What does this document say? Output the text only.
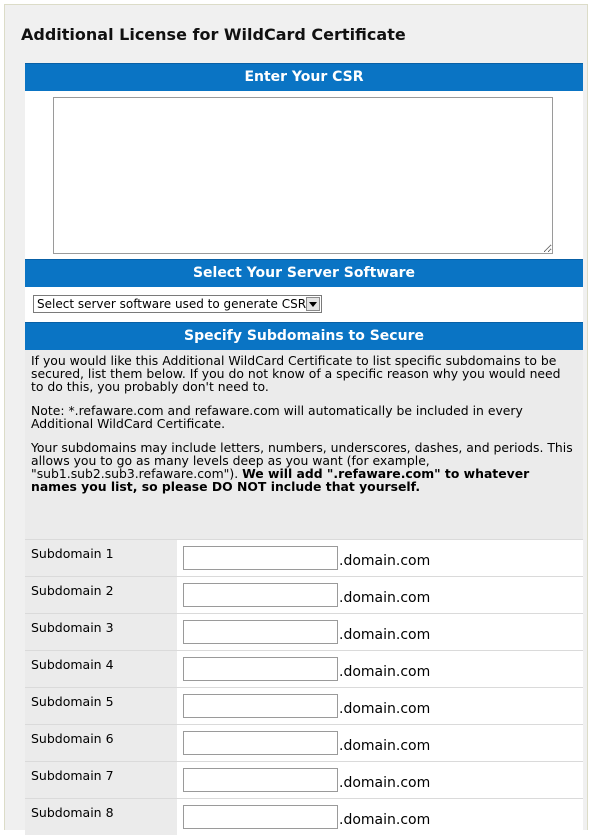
Additional License for WildCard Certificate
Enter Your CSR
Select Your Server Software
Select server software used to generate CSR
Specify Subdomains to Secure

If you would like this Additional WildCard Certificate to list specific subdomains to be secured, list them below. If you do not know of a specific reason why you would need to do this, you probably don't need to.

Note: *.refaware.com and refaware.com will automatically be included in every Additional WildCard Certificate.

Your subdomains may include letters, numbers, underscores, dashes, and periods. This allows you to go as many levels deep as you want (for example, "sub1.sub2.sub3.refaware.com"). We will add ".refaware.com" to whatever names you list, so please DO NOT include that yourself.

Subdomain 1	.domain.com
Subdomain 2	.domain.com
Subdomain 3	.domain.com
Subdomain 4	.domain.com
Subdomain 5	.domain.com
Subdomain 6	.domain.com
Subdomain 7	.domain.com
Subdomain 8	.domain.com
